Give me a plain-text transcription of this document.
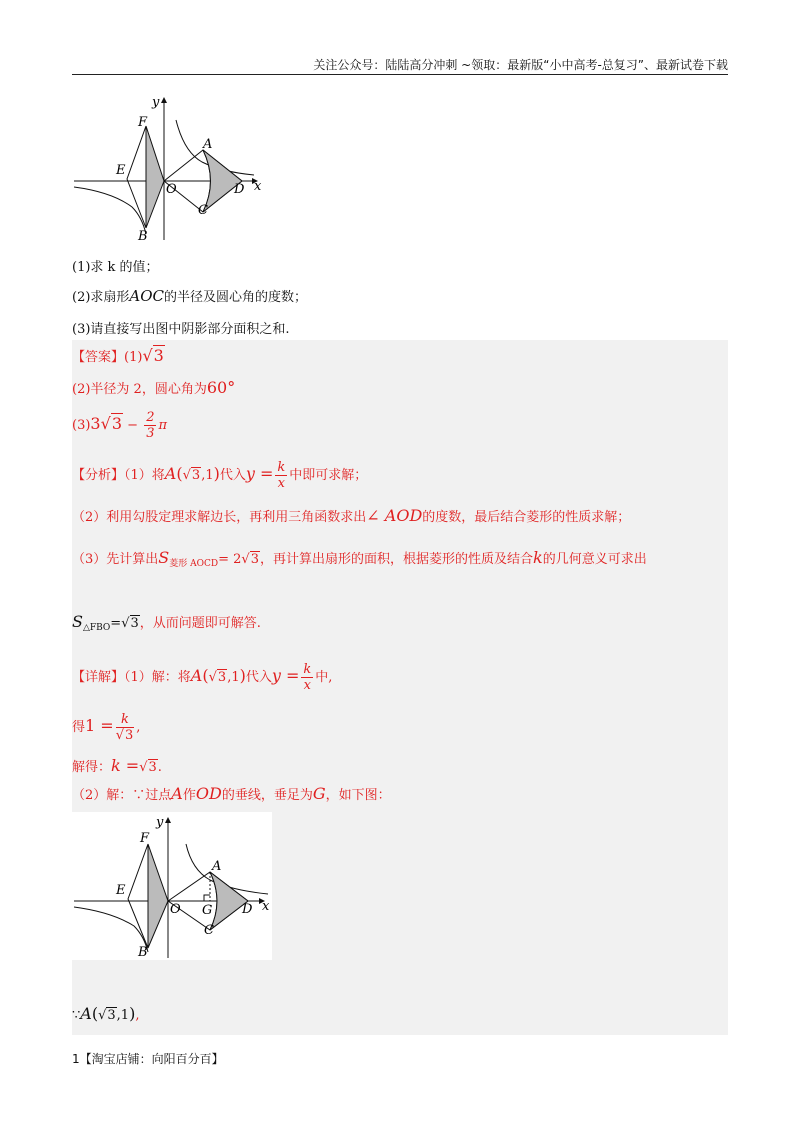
关注公众号：陆陆高分冲刺 ~领取：最新版“小中高考-总复习”、最新试卷下载
y
x
F
E
O
B
A
C
D
(1)求 k 的值；
(2)求扇形AOC的半径及圆心角的度数；
(3)请直接写出图中阴影部分面积之和.
【答案】(1)√3
(2)半径为 2，圆心角为60°
$(3)3√3 - \frac{2}{3}$ π
【分析】（1）将A(√3,1)代入$y = \frac{k}{x}$ 中即可求解；
（2）利用勾股定理求解边长，再利用三角函数求出∠ AOD的度数，最后结合菱形的性质求解；
（3）先计算出$S_{菱形 AOCD}= 2√3$，再计算出扇形的面积，根据菱形的性质及结合k的几何意义可求出
$S_{\triangle FBO}=√3$，从而问题即可解答.
【详解】（1）解：将A(√3,1)代入$y = \frac{k}{x}$ 中,
得$1 = \frac{k}{√3}$ ,
解得：k =√3.
（2）解：∵过点A作OD的垂线，垂足为G，如下图：
y
x
F
E
O
B
A
G
C
D
∵A(√3,1),
1【淘宝店铺：向阳百分百】
